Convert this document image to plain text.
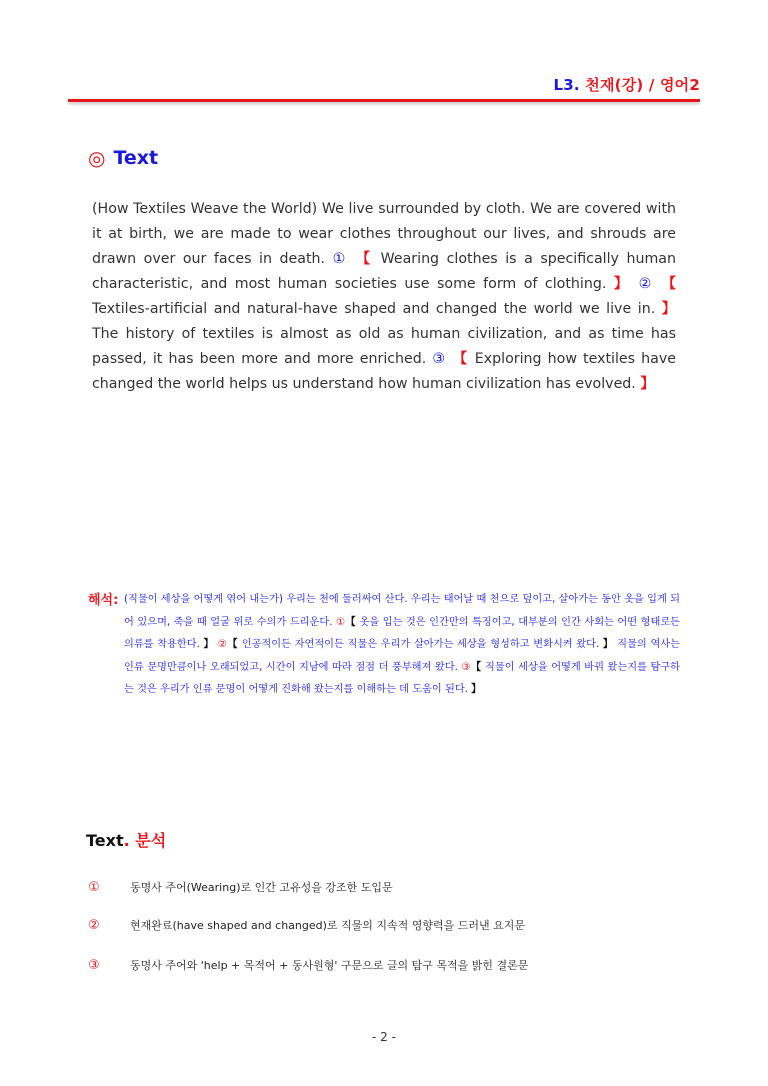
L3. 천재(강) / 영어2
◎ Text
(How Textiles Weave the World) We live surrounded by cloth. We are covered with it at birth, we are made to wear clothes throughout our lives, and shrouds are drawn over our faces in death. ① 【 Wearing clothes is a specifically human characteristic, and most human societies use some form of clothing. 】 ② 【 Textiles-artificial and natural-have shaped and changed the world we live in. 】 The history of textiles is almost as old as human civilization, and as time has passed, it has been more and more enriched. ③ 【 Exploring how textiles have changed the world helps us understand how human civilization has evolved. 】
해석: (직물이 세상을 어떻게 엮어 내는가) 우리는 천에 둘러싸여 산다. 우리는 태어날 때 천으로 덮이고, 살아가는 동안 옷을 입게 되어 있으며, 죽을 때 얼굴 위로 수의가 드리운다. ①【 옷을 입는 것은 인간만의 특징이고, 대부분의 인간 사회는 어떤 형태로든 의류를 착용한다. 】 ②【 인공적이든 자연적이든 직물은 우리가 살아가는 세상을 형성하고 변화시켜 왔다. 】 직물의 역사는 인류 문명만큼이나 오래되었고, 시간이 지남에 따라 점점 더 풍부해져 왔다. ③【 직물이 세상을 어떻게 바꿔 왔는지를 탐구하는 것은 우리가 인류 문명이 어떻게 진화해 왔는지를 이해하는 데 도움이 된다. 】
Text. 분석
①	동명사 주어(Wearing)로 인간 고유성을 강조한 도입문
②	현재완료(have shaped and changed)로 직물의 지속적 영향력을 드러낸 요지문
③	동명사 주어와 'help + 목적어 + 동사원형' 구문으로 글의 탐구 목적을 밝힌 결론문
- 2 -
